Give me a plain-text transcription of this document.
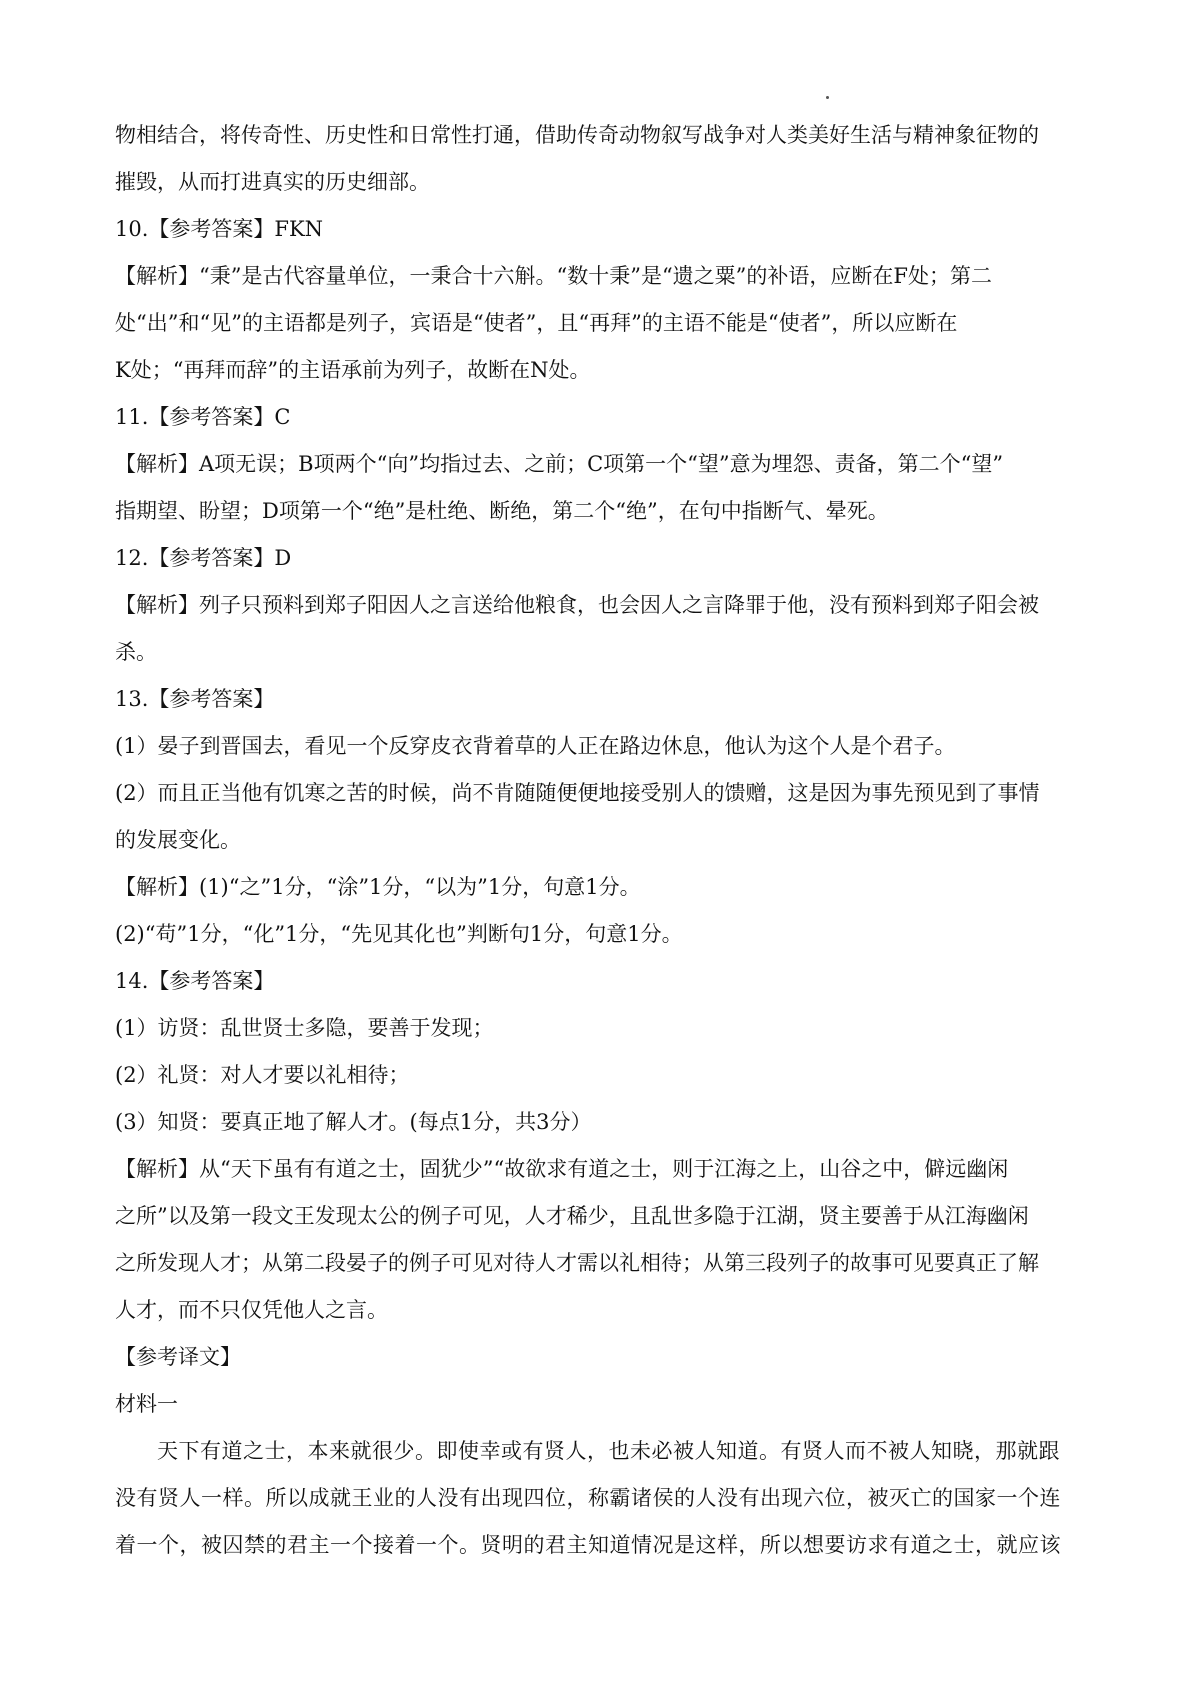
物相结合，将传奇性、历史性和日常性打通，借助传奇动物叙写战争对人类美好生活与精神象征物的
摧毁，从而打进真实的历史细部。
10.【参考答案】FKN
【解析】“秉”是古代容量单位，一秉合十六斛。“数十秉”是“遗之粟”的补语，应断在F处；第二
处“出”和“见”的主语都是列子，宾语是“使者”，且“再拜”的主语不能是“使者”，所以应断在
K处；“再拜而辞”的主语承前为列子，故断在N处。
11.【参考答案】C
【解析】A项无误；B项两个“向”均指过去、之前；C项第一个“望”意为埋怨、责备，第二个“望”
指期望、盼望；D项第一个“绝”是杜绝、断绝，第二个“绝”，在句中指断气、晕死。
12.【参考答案】D
【解析】列子只预料到郑子阳因人之言送给他粮食，也会因人之言降罪于他，没有预料到郑子阳会被
杀。
13.【参考答案】
(1）晏子到晋国去，看见一个反穿皮衣背着草的人正在路边休息，他认为这个人是个君子。
(2）而且正当他有饥寒之苦的时候，尚不肯随随便便地接受别人的馈赠，这是因为事先预见到了事情
的发展变化。
【解析】(1)“之”1分，“涂”1分，“以为”1分，句意1分。
(2)“苟”1分，“化”1分，“先见其化也”判断句1分，句意1分。
14.【参考答案】
(1）访贤：乱世贤士多隐，要善于发现；
(2）礼贤：对人才要以礼相待；
(3）知贤：要真正地了解人才。(每点1分，共3分）
【解析】从“天下虽有有道之士，固犹少”“故欲求有道之士，则于江海之上，山谷之中，僻远幽闲
之所”以及第一段文王发现太公的例子可见，人才稀少，且乱世多隐于江湖，贤主要善于从江海幽闲
之所发现人才；从第二段晏子的例子可见对待人才需以礼相待；从第三段列子的故事可见要真正了解
人才，而不只仅凭他人之言。
【参考译文】
材料一
天下有道之士，本来就很少。即使幸或有贤人，也未必被人知道。有贤人而不被人知晓，那就跟
没有贤人一样。所以成就王业的人没有出现四位，称霸诸侯的人没有出现六位，被灭亡的国家一个连
着一个，被囚禁的君主一个接着一个。贤明的君主知道情况是这样，所以想要访求有道之士，就应该
